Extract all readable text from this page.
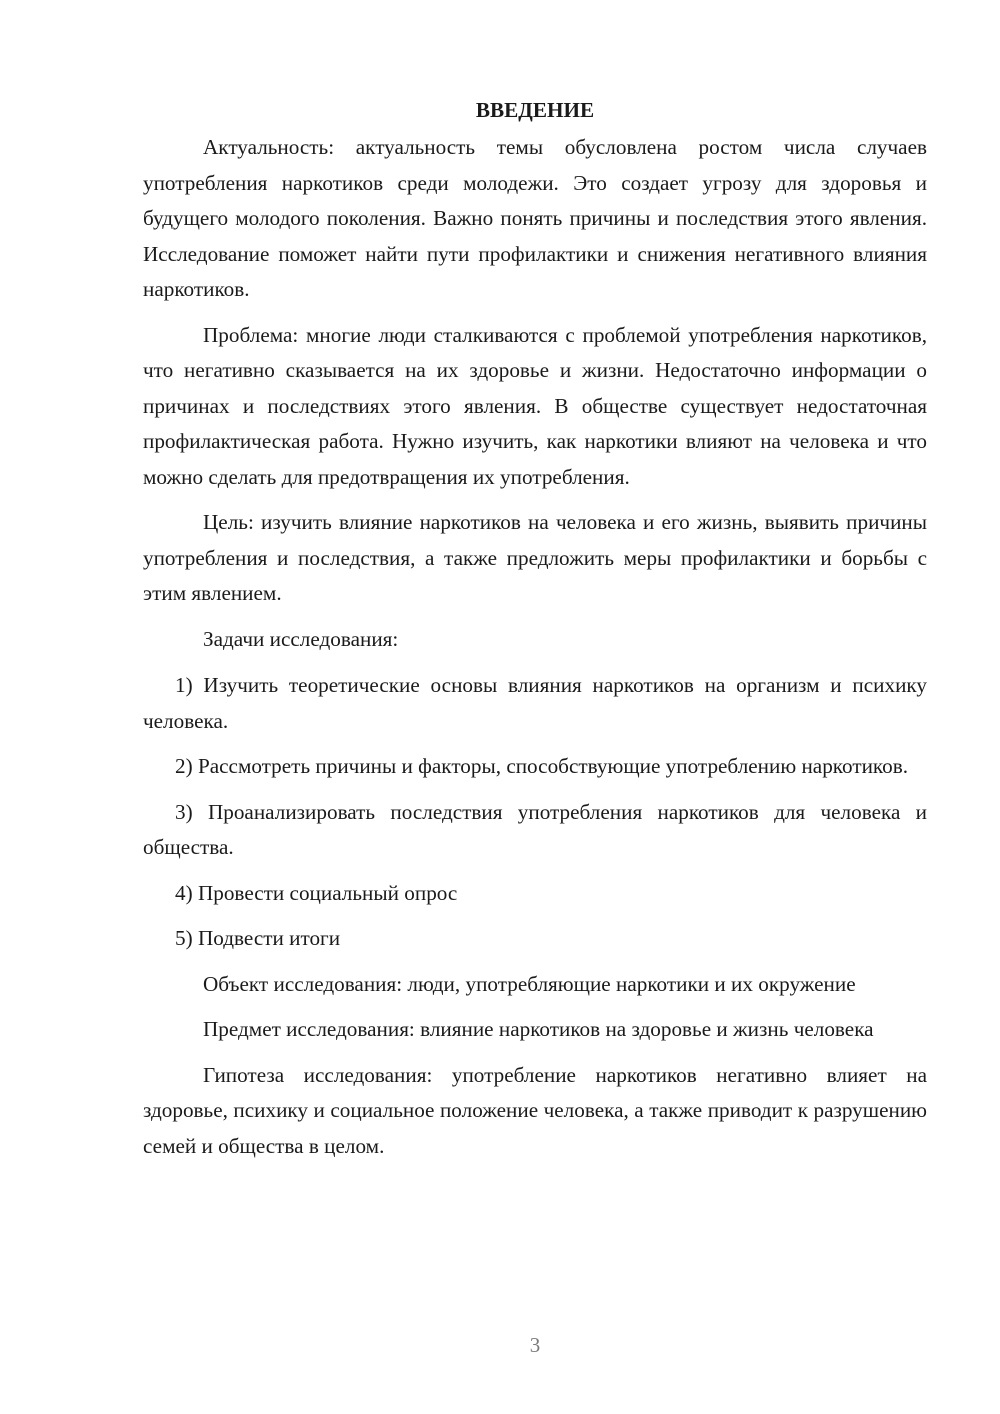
ВВЕДЕНИЕ

Актуальность: актуальность темы обусловлена ростом числа случаев употребления наркотиков среди молодежи. Это создает угрозу для здоровья и будущего молодого поколения. Важно понять причины и последствия этого явления. Исследование поможет найти пути профилактики и снижения негативного влияния наркотиков.

Проблема: многие люди сталкиваются с проблемой употребления наркотиков, что негативно сказывается на их здоровье и жизни. Недостаточно информации о причинах и последствиях этого явления. В обществе существует недостаточная профилактическая работа. Нужно изучить, как наркотики влияют на человека и что можно сделать для предотвращения их употребления.

Цель: изучить влияние наркотиков на человека и его жизнь, выявить причины употребления и последствия, а также предложить меры профилактики и борьбы с этим явлением.

Задачи исследования:

1) Изучить теоретические основы влияния наркотиков на организм и психику человека.

2) Рассмотреть причины и факторы, способствующие употреблению наркотиков.

3) Проанализировать последствия употребления наркотиков для человека и общества.

4) Провести социальный опрос

5) Подвести итоги

Объект исследования: люди, употребляющие наркотики и их окружение

Предмет исследования: влияние наркотиков на здоровье и жизнь человека

Гипотеза исследования: употребление наркотиков негативно влияет на здоровье, психику и социальное положение человека, а также приводит к разрушению семей и общества в целом.

3
